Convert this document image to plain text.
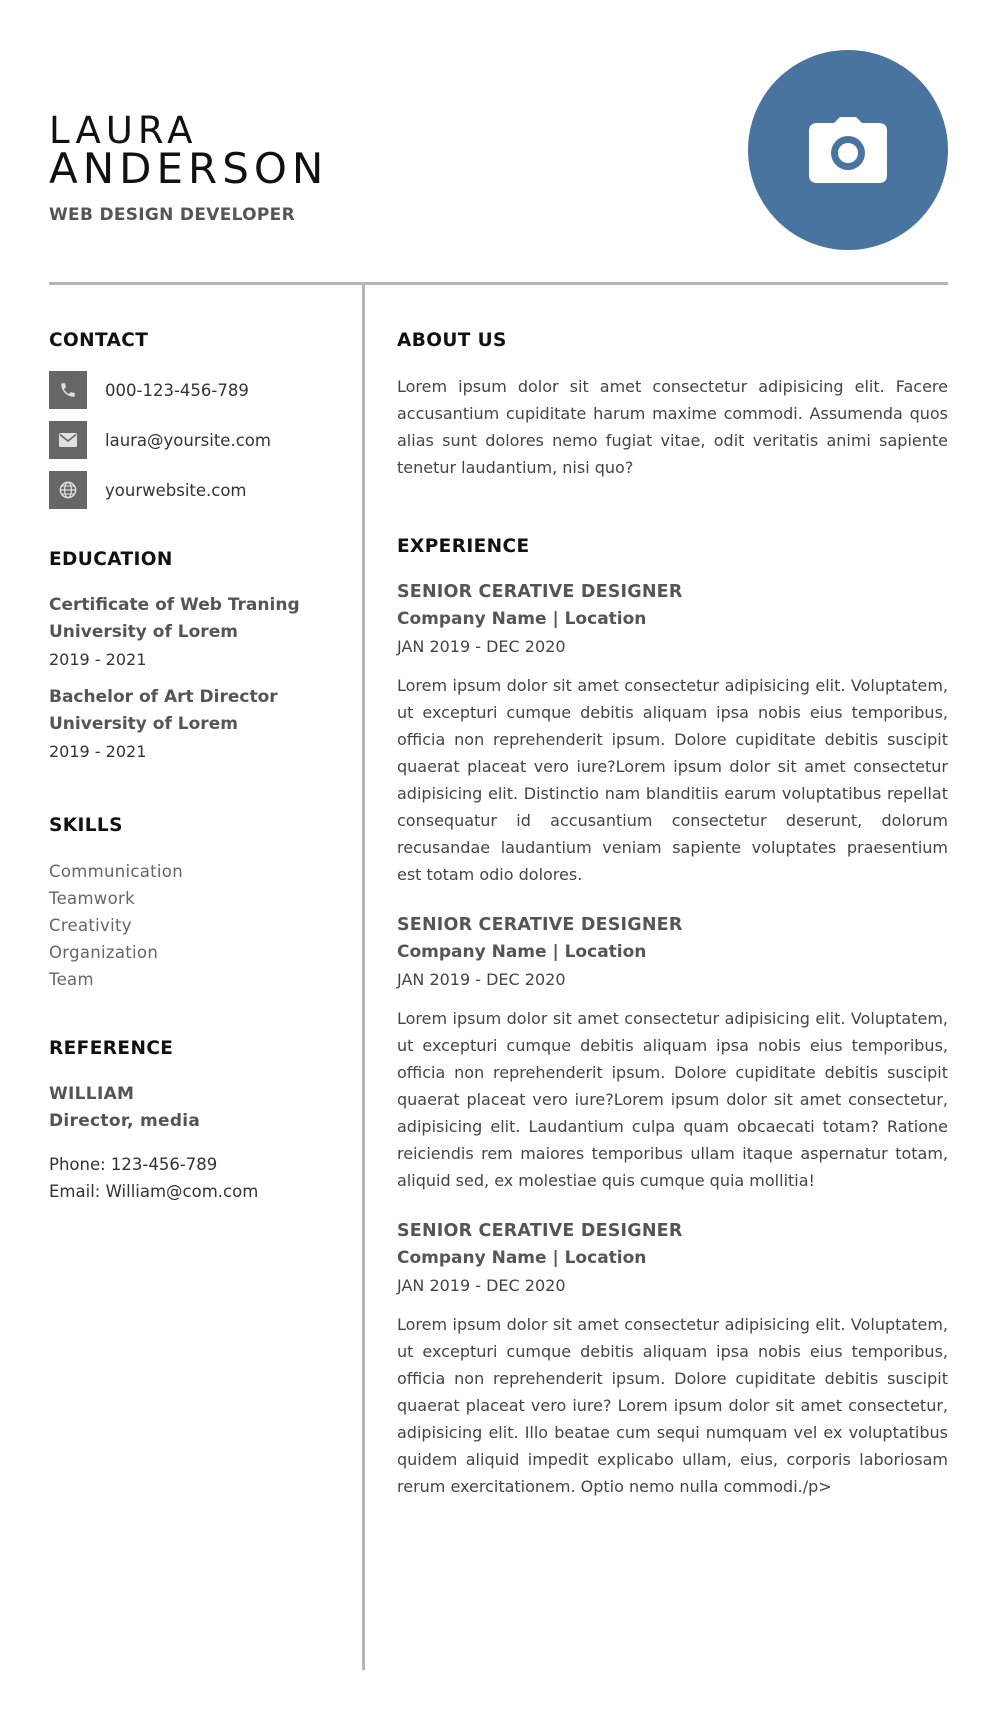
LAURA
ANDERSON

WEB DESIGN DEVELOPER

CONTACT
000-123-456-789
laura@yoursite.com
yourwebsite.com
EDUCATION
Certificate of Web Traning
University of Lorem
2019 - 2021
Bachelor of Art Director
University of Lorem
2019 - 2021
SKILLS
Communication
Teamwork
Creativity
Organization
Team
REFERENCE
WILLIAM
Director, media
Phone: 123-456-789
Email: William@com.com
ABOUT US

Lorem ipsum dolor sit amet consectetur adipisicing elit. Facere accusantium cupiditate harum maxime commodi. Assumenda quos alias sunt dolores nemo fugiat vitae, odit veritatis animi sapiente tenetur laudantium, nisi quo?

EXPERIENCE
SENIOR CERATIVE DESIGNER
Company Name | Location
JAN 2019 - DEC 2020

Lorem ipsum dolor sit amet consectetur adipisicing elit. Voluptatem, ut excepturi cumque debitis aliquam ipsa nobis eius temporibus, officia non reprehenderit ipsum. Dolore cupiditate debitis suscipit quaerat placeat vero iure?Lorem ipsum dolor sit amet consectetur adipisicing elit. Distinctio nam blanditiis earum voluptatibus repellat consequatur id accusantium consectetur deserunt, dolorum recusandae laudantium veniam sapiente voluptates praesentium est totam odio dolores.

SENIOR CERATIVE DESIGNER
Company Name | Location
JAN 2019 - DEC 2020

Lorem ipsum dolor sit amet consectetur adipisicing elit. Voluptatem, ut excepturi cumque debitis aliquam ipsa nobis eius temporibus, officia non reprehenderit ipsum. Dolore cupiditate debitis suscipit quaerat placeat vero iure?Lorem ipsum dolor sit amet consectetur, adipisicing elit. Laudantium culpa quam obcaecati totam? Ratione reiciendis rem maiores temporibus ullam itaque aspernatur totam, aliquid sed, ex molestiae quis cumque quia mollitia!

SENIOR CERATIVE DESIGNER
Company Name | Location
JAN 2019 - DEC 2020

Lorem ipsum dolor sit amet consectetur adipisicing elit. Voluptatem, ut excepturi cumque debitis aliquam ipsa nobis eius temporibus, officia non reprehenderit ipsum. Dolore cupiditate debitis suscipit quaerat placeat vero iure? Lorem ipsum dolor sit amet consectetur, adipisicing elit. Illo beatae cum sequi numquam vel ex voluptatibus quidem aliquid impedit explicabo ullam, eius, corporis laboriosam rerum exercitationem. Optio nemo nulla commodi./p>
